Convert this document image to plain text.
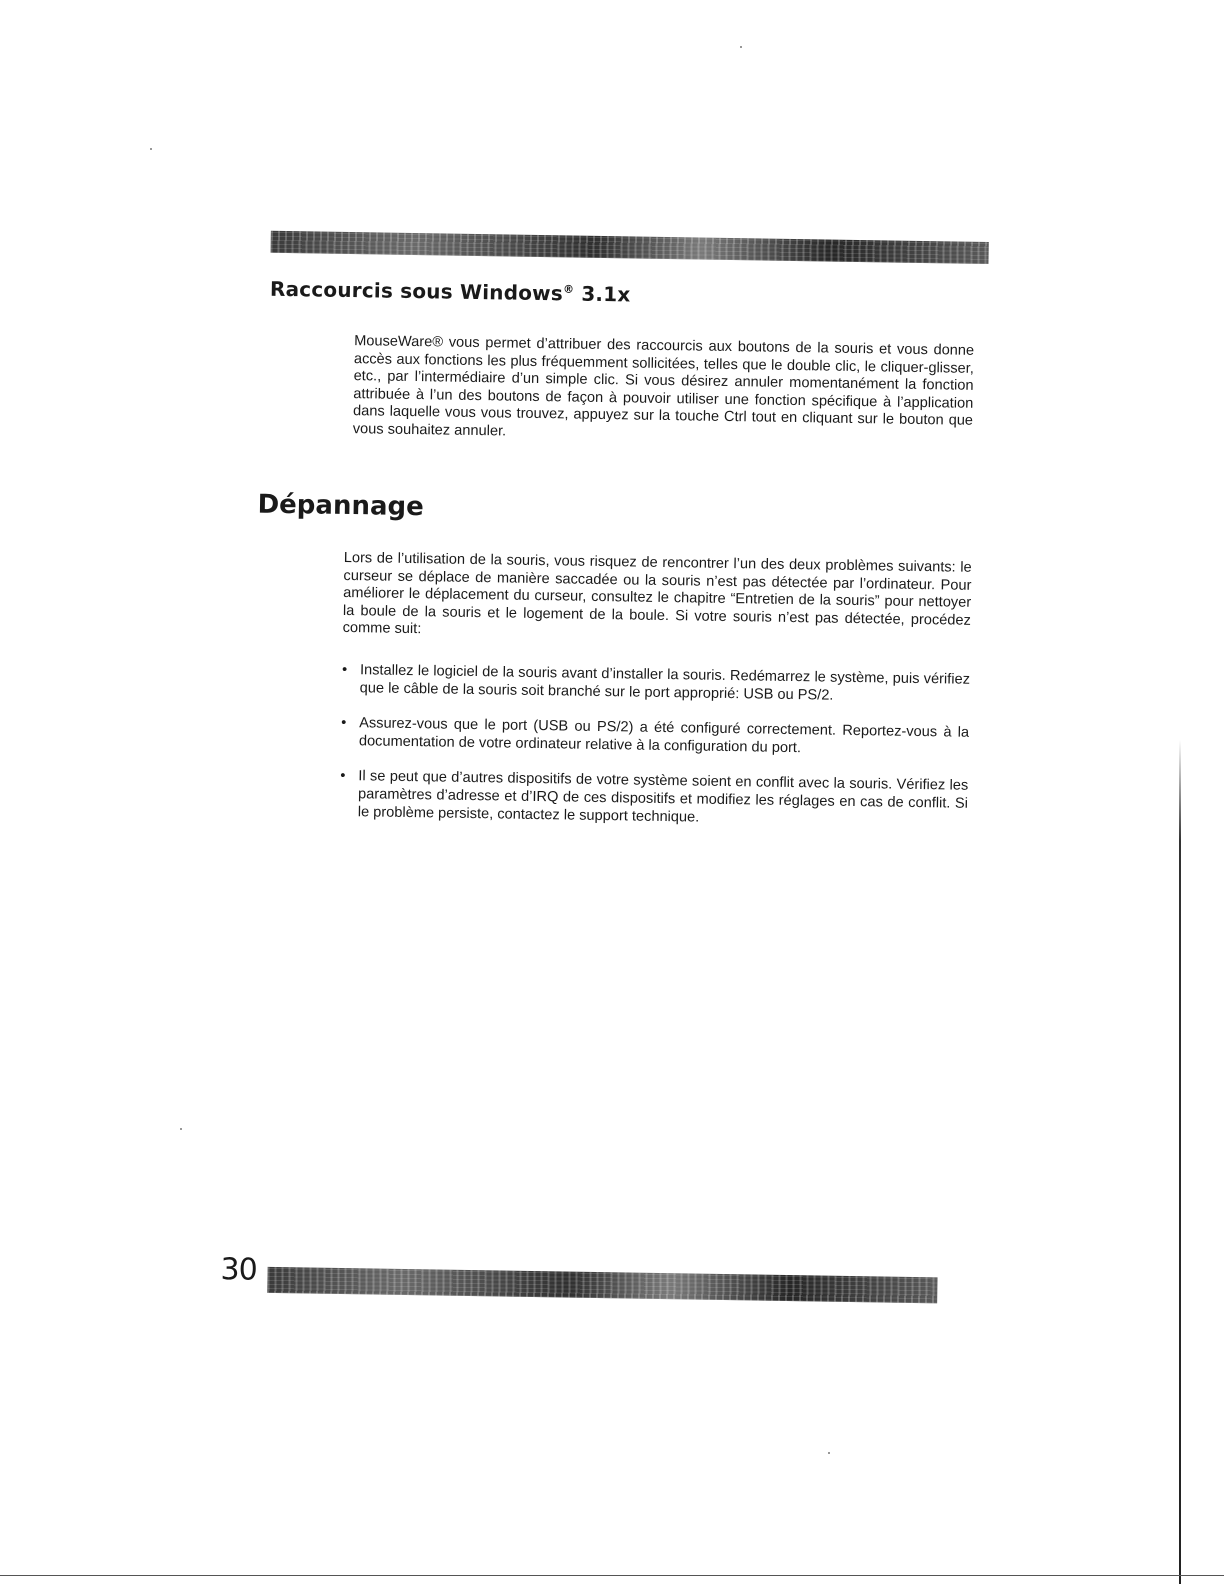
Raccourcis sous Windows® 3.1x

MouseWare® vous permet d’attribuer des raccourcis aux boutons de la souris et vous donne accès aux fonctions les plus fréquemment sollicitées, telles que le double clic, le cliquer-glisser, etc., par l’intermédiaire d’un simple clic. Si vous désirez annuler momentanément la fonction attribuée à l’un des boutons de façon à pouvoir utiliser une fonction spécifique à l’application dans laquelle vous vous trouvez, appuyez sur la touche Ctrl tout en cliquant sur le bouton que vous souhaitez annuler.

Dépannage

Lors de l’utilisation de la souris, vous risquez de rencontrer l’un des deux problèmes suivants: le curseur se déplace de manière saccadée ou la souris n’est pas détectée par l’ordinateur. Pour améliorer le déplacement du curseur, consultez le chapitre “Entretien de la souris” pour nettoyer la boule de la souris et le logement de la boule. Si votre souris n’est pas détectée, procédez comme suit:

• Installez le logiciel de la souris avant d’installer la souris. Redémarrez le système, puis vérifiez que le câble de la souris soit branché sur le port approprié: USB ou PS/2.
• Assurez-vous que le port (USB ou PS/2) a été configuré correctement. Reportez-vous à la documentation de votre ordinateur relative à la configuration du port.
• Il se peut que d’autres dispositifs de votre système soient en conflit avec la souris. Vérifiez les paramètres d’adresse et d’IRQ de ces dispositifs et modifiez les réglages en cas de conflit. Si le problème persiste, contactez le support technique.
30
